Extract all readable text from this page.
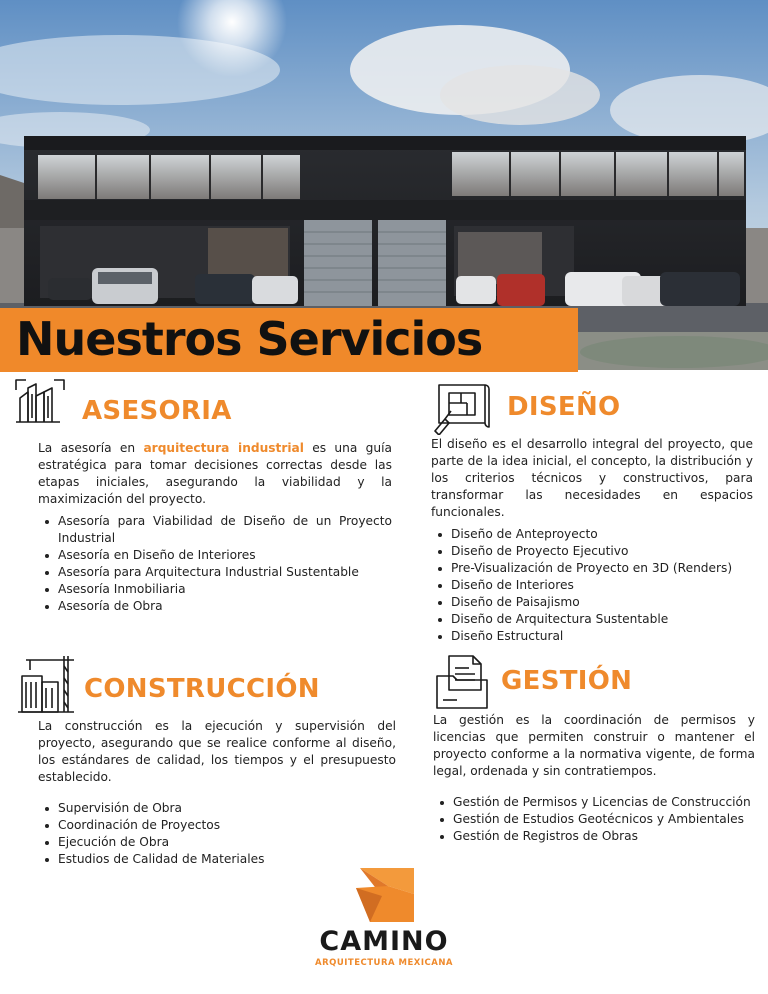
Nuestros Servicios
ASESORIA

La asesoría en arquitectura industrial es una guía estratégica para tomar decisiones correctas desde las etapas iniciales, asegurando la viabilidad y la maximización del proyecto.

Asesoría para Viabilidad de Diseño de un Proyecto Industrial
Asesoría en Diseño de Interiores
Asesoría para Arquitectura Industrial Sustentable
Asesoría Inmobiliaria
Asesoría de Obra
DISEÑO

El diseño es el desarrollo integral del proyecto, que parte de la idea inicial, el concepto, la distribución y los criterios técnicos y constructivos, para transformar las necesidades en espacios funcionales.

Diseño de Anteproyecto
Diseño de Proyecto Ejecutivo
Pre-Visualización de Proyecto en 3D (Renders)
Diseño de Interiores
Diseño de Paisajismo
Diseño de Arquitectura Sustentable
Diseño Estructural
CONSTRUCCIÓN

La construcción es la ejecución y supervisión del proyecto, asegurando que se realice conforme al diseño, los estándares de calidad, los tiempos y el presupuesto establecido.

Supervisión de Obra
Coordinación de Proyectos
Ejecución de Obra
Estudios de Calidad de Materiales
GESTIÓN

La gestión es la coordinación de permisos y licencias que permiten construir o mantener el proyecto conforme a la normativa vigente, de forma legal, ordenada y sin contratiempos.

Gestión de Permisos y Licencias de Construcción
Gestión de Estudios Geotécnicos y Ambientales
Gestión de Registros de Obras
CAMINO
ARQUITECTURA MEXICANA
